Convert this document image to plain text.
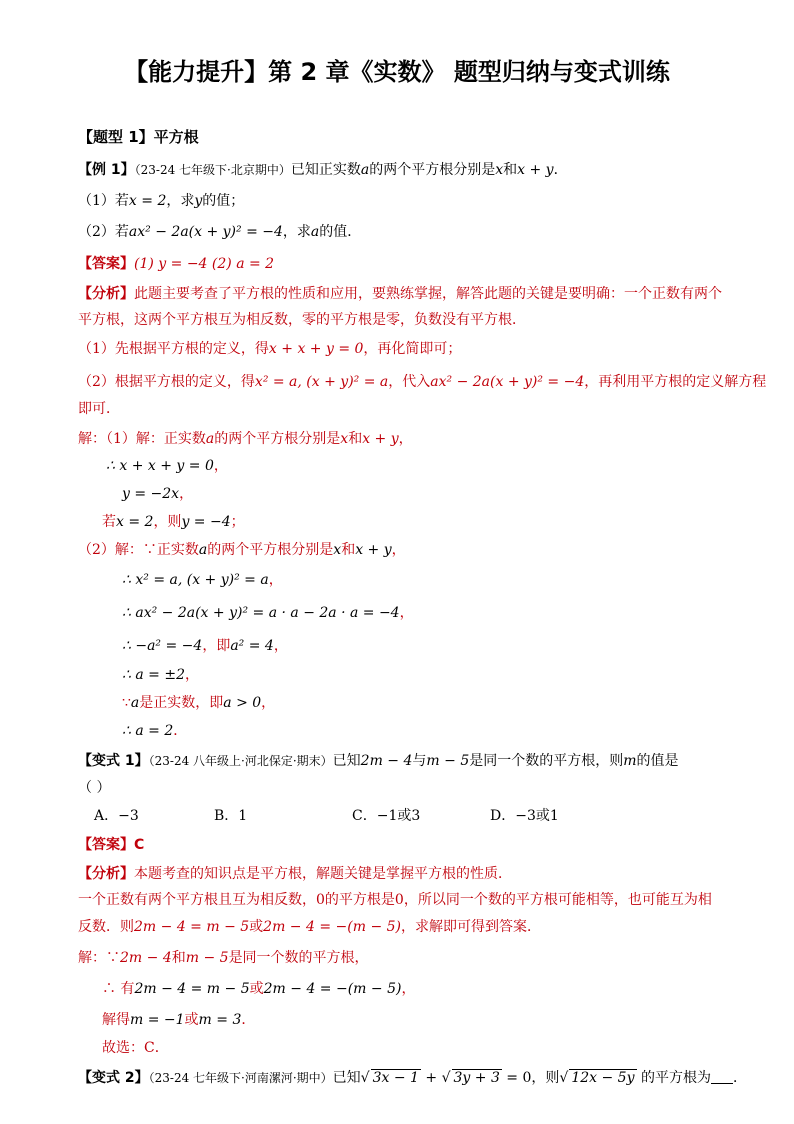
【能力提升】第 2 章《实数》 题型归纳与变式训练
【题型 1】平方根
【例 1】（23-24 七年级下·北京期中）已知正实数a的两个平方根分别是x和x + y．
（1）若x = 2，求y的值；
（2）若ax² − 2a(x + y)² = −4，求a的值．
【答案】(1) y = −4 (2) a = 2
【分析】此题主要考查了平方根的性质和应用，要熟练掌握，解答此题的关键是要明确：一个正数有两个
平方根，这两个平方根互为相反数，零的平方根是零，负数没有平方根．
（1）先根据平方根的定义，得x + x + y = 0，再化简即可；
（2）根据平方根的定义，得x² = a, (x + y)² = a，代入ax² − 2a(x + y)² = −4，再利用平方根的定义解方程
即可．
解：（1）解：正实数a的两个平方根分别是x和x + y，
∴ x + x + y = 0，
y = −2x，
若x = 2，则y = −4；
（2）解：∵正实数a的两个平方根分别是x和x + y，
∴ x² = a, (x + y)² = a，
∴ ax² − 2a(x + y)² = a · a − 2a · a = −4，
∴ −a² = −4，即a² = 4，
∴ a = ±2，
∵a是正实数，即a > 0，
∴ a = 2．
【变式 1】（23-24 八年级上·河北保定·期末）已知2m − 4与m − 5是同一个数的平方根，则m的值是
（ ）
A．−3	B．1	C．−1或3	D．−3或1
【答案】C
【分析】本题考查的知识点是平方根，解题关键是掌握平方根的性质．
一个正数有两个平方根且互为相反数，0的平方根是0，所以同一个数的平方根可能相等，也可能互为相
反数．则2m − 4 = m − 5或2m − 4 = −(m − 5)，求解即可得到答案．
解：∵2m − 4和m − 5是同一个数的平方根，
∴ 有2m − 4 = m − 5或2m − 4 = −(m − 5)，
解得m = −1或m = 3．
故选：C．
【变式 2】（23-24 七年级下·河南漯河·期中）已知√ 3x − 1 + √ 3y + 3 = 0，则√ 12x − 5y 的平方根为 ．
